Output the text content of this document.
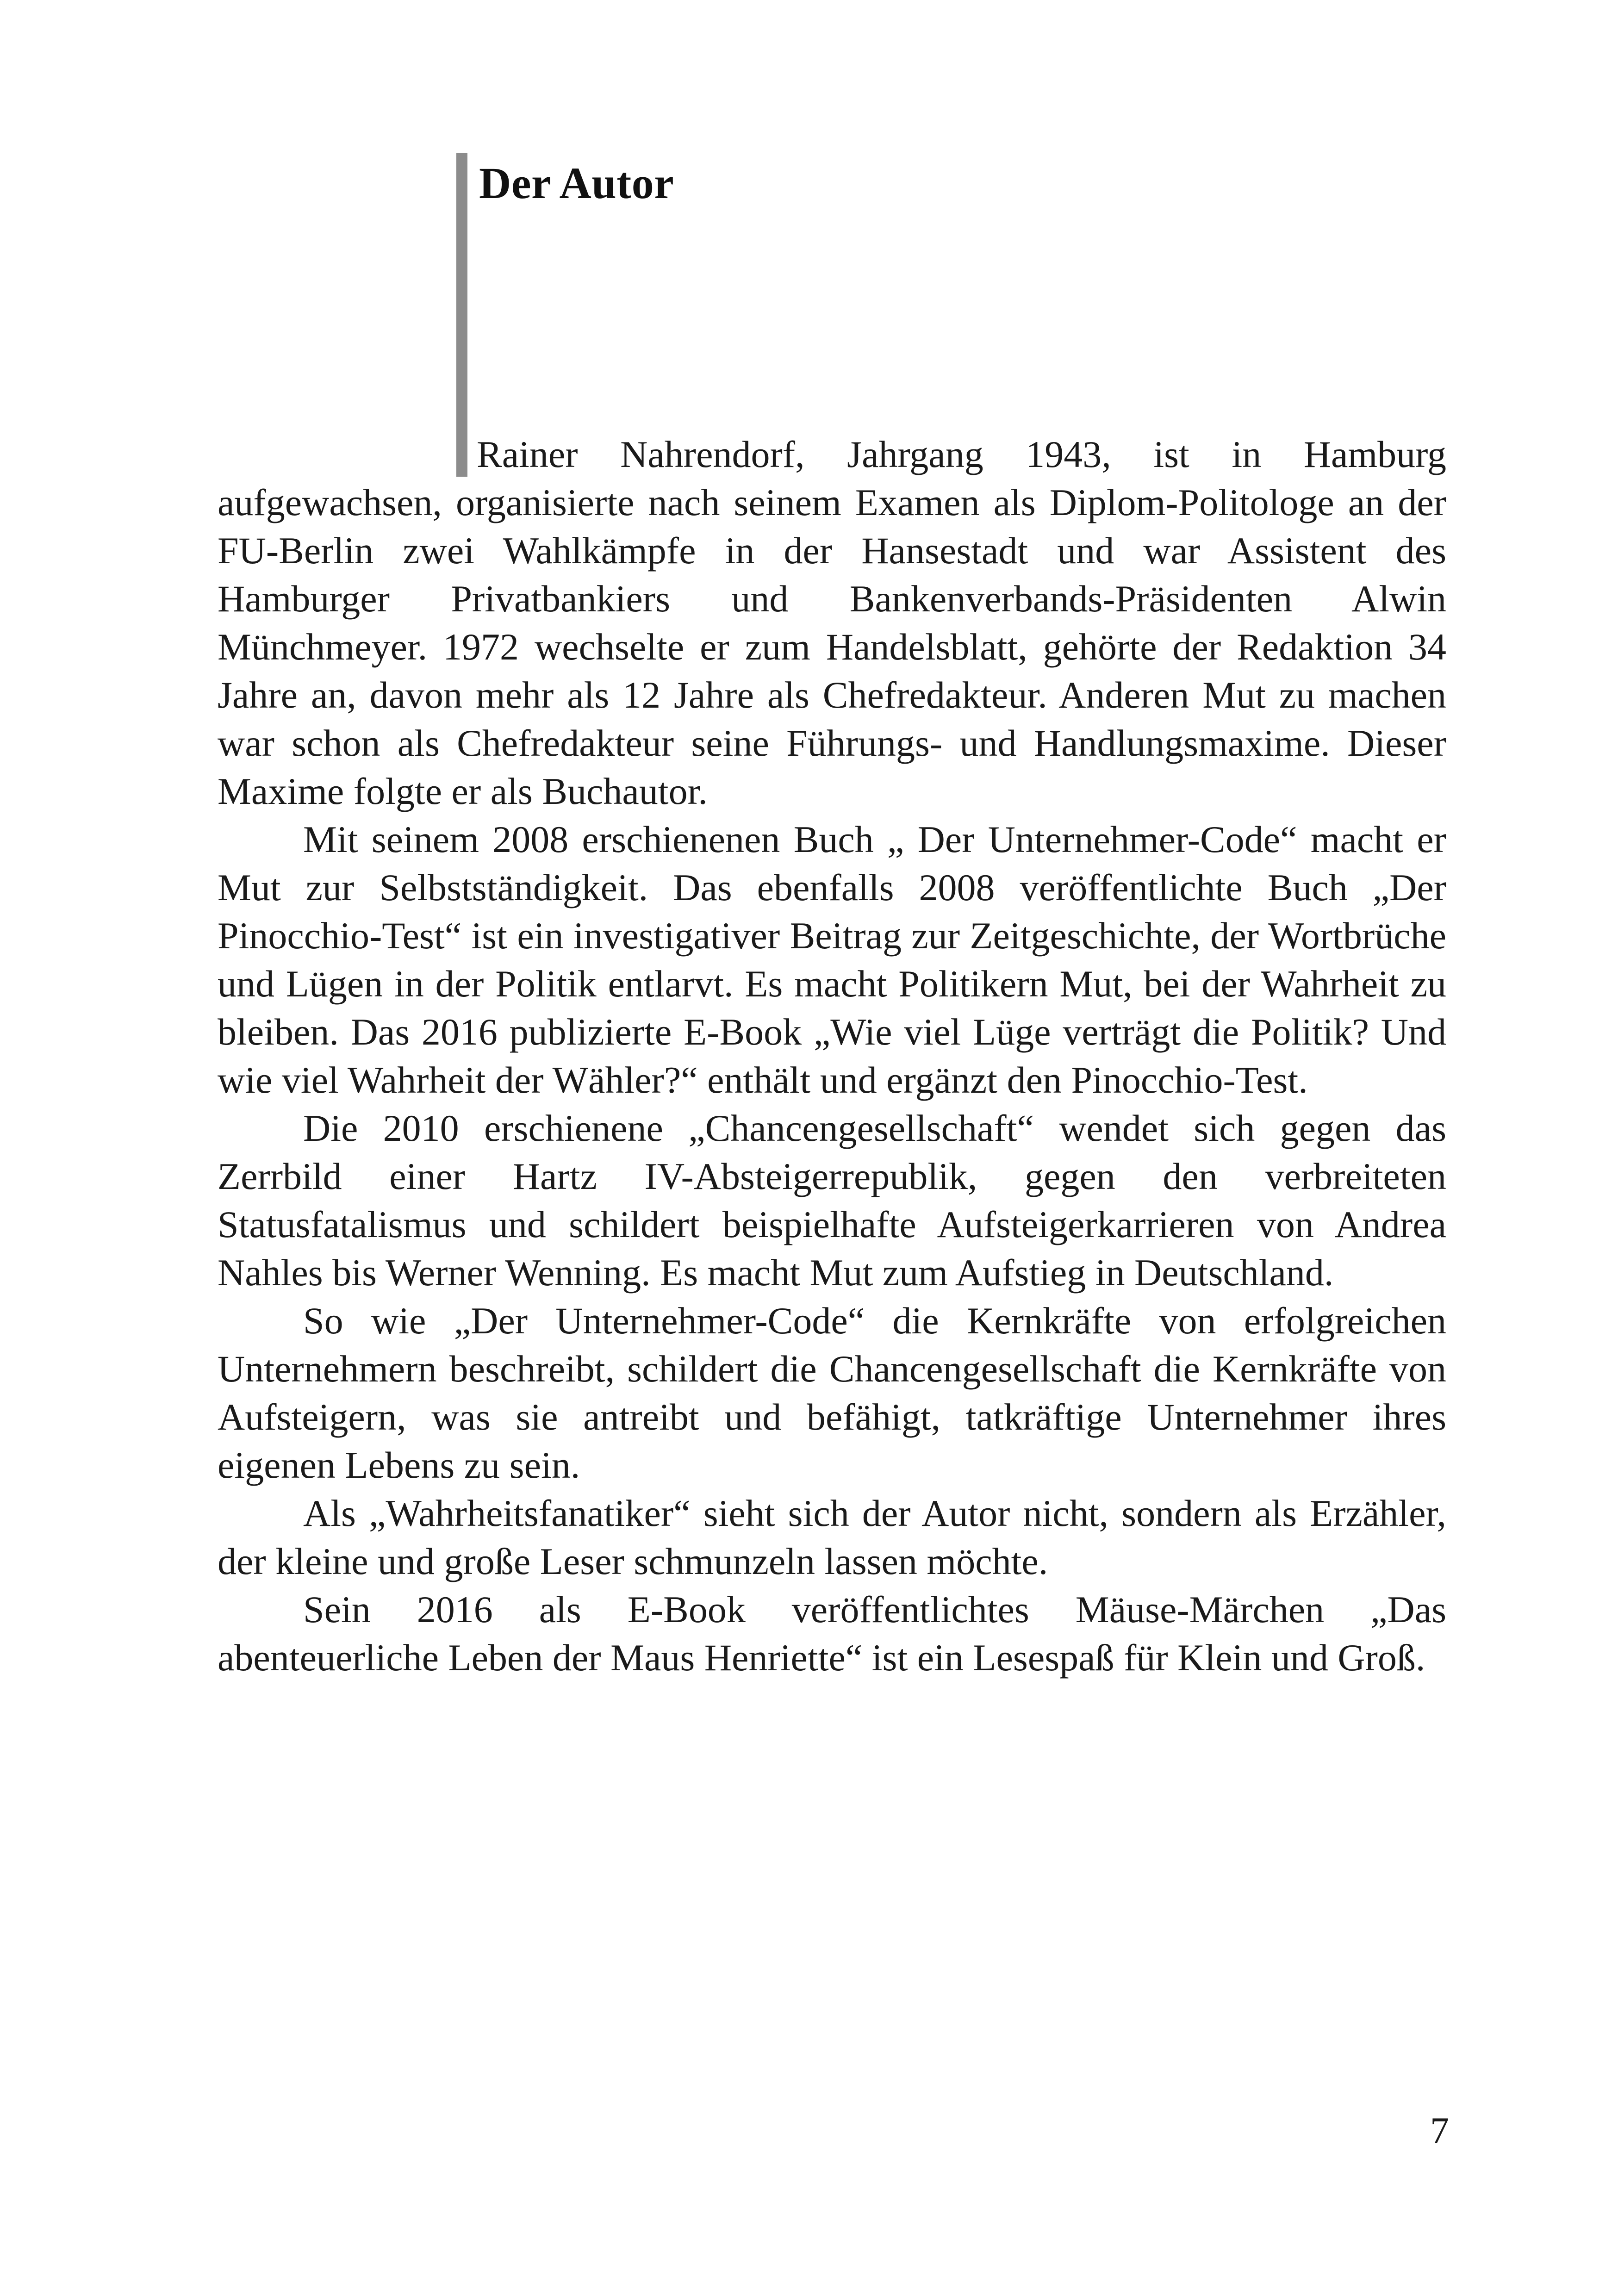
Der Autor

Rainer Nahrendorf, Jahrgang 1943, ist in Hamburg aufgewachsen, organisierte nach seinem Examen als Diplom-Politologe an der FU-Berlin zwei Wahlkämpfe in der Hansestadt und war Assistent des Hamburger Privatbankiers und Bankenverbands-Präsidenten Alwin Münchmeyer. 1972 wechselte er zum Handelsblatt, gehörte der Redaktion 34 Jahre an, davon mehr als 12 Jahre als Chefredakteur. Anderen Mut zu machen war schon als Chefredakteur seine Führungs- und Handlungsmaxime. Dieser Maxime folgte er als Buchautor.

Mit seinem 2008 erschienenen Buch „ Der Unternehmer-Code“ macht er Mut zur Selbstständigkeit. Das ebenfalls 2008 veröffentlichte Buch „Der Pinocchio-Test“ ist ein investigativer Beitrag zur Zeitgeschichte, der Wortbrüche und Lügen in der Politik entlarvt. Es macht Politikern Mut, bei der Wahrheit zu bleiben. Das 2016 publizierte E-Book „Wie viel Lüge verträgt die Politik? Und wie viel Wahrheit der Wähler?“ enthält und ergänzt den Pinocchio-Test.

Die 2010 erschienene „Chancengesellschaft“ wendet sich gegen das Zerrbild einer Hartz IV-Absteigerrepublik, gegen den verbreiteten Statusfatalismus und schildert beispielhafte Aufsteigerkarrieren von Andrea Nahles bis Werner Wenning. Es macht Mut zum Aufstieg in Deutschland.

So wie „Der Unternehmer-Code“ die Kernkräfte von erfolgreichen Unternehmern beschreibt, schildert die Chancengesellschaft die Kernkräfte von Aufsteigern, was sie antreibt und befähigt, tatkräftige Unternehmer ihres eigenen Lebens zu sein.

Als „Wahrheitsfanatiker“ sieht sich der Autor nicht, sondern als Erzähler, der kleine und große Leser schmunzeln lassen möchte.

Sein 2016 als E-Book veröffentlichtes Mäuse-Märchen „Das abenteuerliche Leben der Maus Henriette“ ist ein Lesespaß für Klein und Groß.

7
